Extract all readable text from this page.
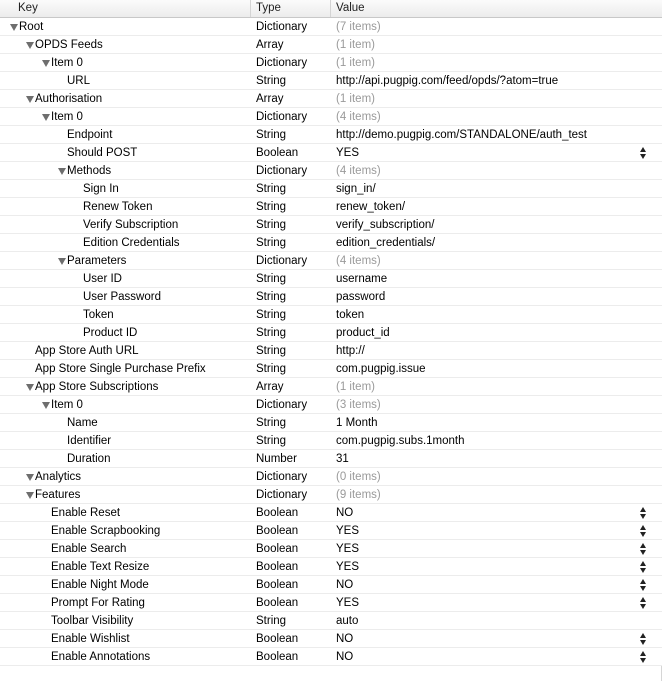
Key	Type	Value
Root	Dictionary	(7 items)
OPDS Feeds	Array	(1 item)
Item 0	Dictionary	(1 item)
URL	String	http://api.pugpig.com/feed/opds/?atom=true
Authorisation	Array	(1 item)
Item 0	Dictionary	(4 items)
Endpoint	String	http://demo.pugpig.com/STANDALONE/auth_test
Should POST	Boolean	YES
Methods	Dictionary	(4 items)
Sign In	String	sign_in/
Renew Token	String	renew_token/
Verify Subscription	String	verify_subscription/
Edition Credentials	String	edition_credentials/
Parameters	Dictionary	(4 items)
User ID	String	username
User Password	String	password
Token	String	token
Product ID	String	product_id
App Store Auth URL	String	http://
App Store Single Purchase Prefix	String	com.pugpig.issue
App Store Subscriptions	Array	(1 item)
Item 0	Dictionary	(3 items)
Name	String	1 Month
Identifier	String	com.pugpig.subs.1month
Duration	Number	31
Analytics	Dictionary	(0 items)
Features	Dictionary	(9 items)
Enable Reset	Boolean	NO
Enable Scrapbooking	Boolean	YES
Enable Search	Boolean	YES
Enable Text Resize	Boolean	YES
Enable Night Mode	Boolean	NO
Prompt For Rating	Boolean	YES
Toolbar Visibility	String	auto
Enable Wishlist	Boolean	NO
Enable Annotations	Boolean	NO
